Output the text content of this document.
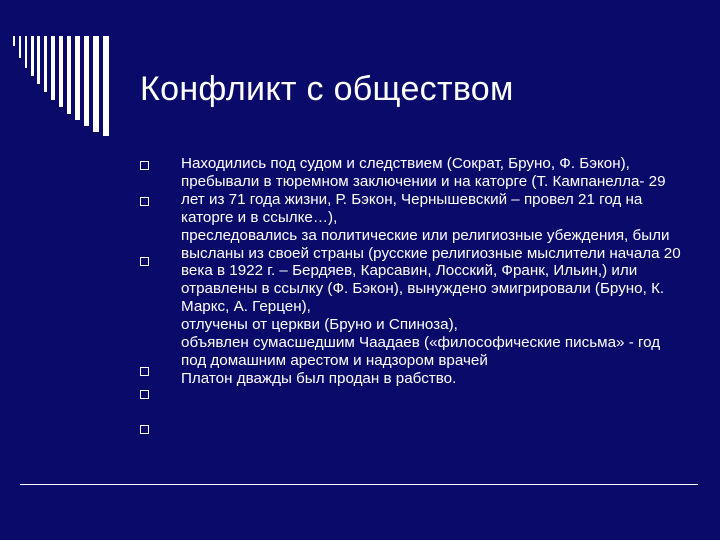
Конфликт с обществом
Находились под судом и следствием (Сократ, Бруно, Ф. Бэкон),
пребывали в тюремном заключении и на каторге (Т. Кампанелла- 29 лет из 71 года жизни, Р. Бэкон, Чернышевский – провел 21 год на каторге и в ссылке…),
преследовались за политические или религиозные убеждения, были высланы из своей страны (русские религиозные мыслители начала 20 века в 1922 г. – Бердяев, Карсавин, Лосский, Франк, Ильин,) или отравлены в ссылку (Ф. Бэкон), вынуждено эмигрировали (Бруно, К. Маркс, А. Герцен),
отлучены от церкви (Бруно и Спиноза),
объявлен сумасшедшим Чаадаев («философические письма» - год под домашним арестом и надзором врачей
Платон дважды был продан в рабство.
